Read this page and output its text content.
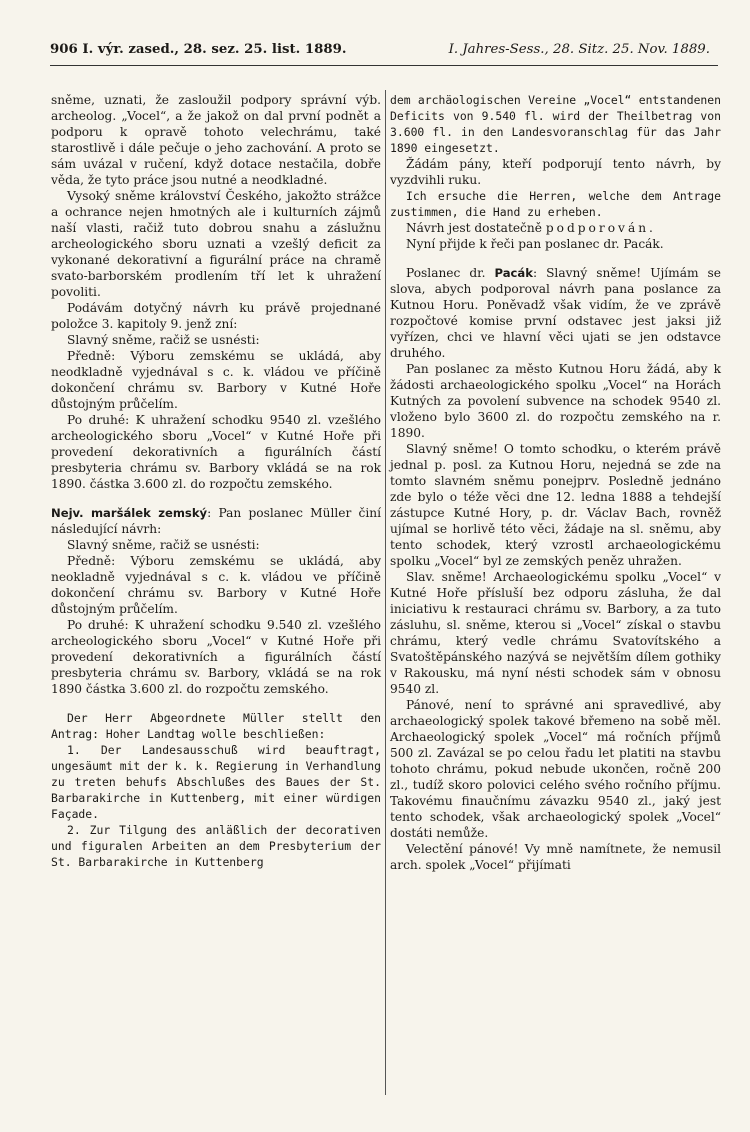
906 I. výr. zased., 28. sez. 25. list. 1889.	I. Jahres-Sess., 28. Sitz. 25. Nov. 1889.

sněme, uznati, že zasloužil podpory správní výb. archeolog. „Vocel“, a že jakož on dal první podnět a podporu k opravě tohoto velechrámu, také starostlivě i dále pečuje o jeho zachování. A proto se sám uvázal v ručení, když dotace nestačila, dobře věda, že tyto práce jsou nutné a neodkladné.

Vysoký sněme království Českého, jakožto strážce a ochrance nejen hmotných ale i kulturních zájmů naší vlasti, račiž tuto dobrou snahu a záslužnu archeologického sboru uznati a vzešlý deficit za vykonané dekorativní a figurální práce na chramě svato-barborském prodlením tří let k uhražení povoliti.

Podávám dotyčný návrh ku právě projednané položce 3. kapitoly 9. jenž zní:

Slavný sněme, račiž se usnésti:

Předně: Výboru zemskému se ukládá, aby neodkladně vyjednával s c. k. vládou ve příčině dokončení chrámu sv. Barbory v Kutné Hoře důstojným průčelím.

Po druhé: K uhražení schodku 9540 zl. vzešlého archeologického sboru „Vocel“ v Kutné Hoře při provedení dekorativních a figurálních částí presbyteria chrámu sv. Barbory vkládá se na rok 1890. částka 3.600 zl. do rozpočtu zemského.

Nejv. maršálek zemský: Pan poslanec Müller činí následující návrh:

Slavný sněme, račiž se usnésti:

Předně: Výboru zemskému se ukládá, aby neokladně vyjednával s c. k. vládou ve příčině dokončení chrámu sv. Barbory v Kutné Hoře důstojným průčelím.

Po druhé: K uhražení schodku 9.540 zl. vzešlého archeologického sboru „Vocel“ v Kutné Hoře při provedení dekorativních a figurálních částí presbyteria chrámu sv. Barbory, vkládá se na rok 1890 částka 3.600 zl. do rozpočtu zemského.

Der Herr Abgeordnete Müller stellt den Antrag: Hoher Landtag wolle beschließen:

1. Der Landesausschuß wird beauftragt, ungesäumt mit der k. k. Regierung in Verhandlung zu treten behufs Abschlußes des Baues der St. Barbarakirche in Kuttenberg, mit einer würdigen Façade.

2. Zur Tilgung des anläßlich der decorativen und figuralen Arbeiten an dem Presbyterium der St. Barbarakirche in Kuttenberg

dem archäologischen Vereine „Vocel“ entstandenen Deficits von 9.540 fl. wird der Theilbetrag von 3.600 fl. in den Landesvoranschlag für das Jahr 1890 eingesetzt.

Žádám pány, kteří podporují tento návrh, by vyzdvihli ruku.

Ich ersuche die Herren, welche dem Antrage zustimmen, die Hand zu erheben.

Návrh jest dostatečně podporován.

Nyní přijde k řeči pan poslanec dr. Pacák.

Poslanec dr. Pacák: Slavný sněme! Ujímám se slova, abych podporoval návrh pana poslance za Kutnou Horu. Poněvadž však vidím, že ve zprávě rozpočtové komise první odstavec jest jaksi již vyřízen, chci ve hlavní věci ujati se jen odstavce druhého.

Pan poslanec za město Kutnou Horu žádá, aby k žádosti archaeologického spolku „Vocel“ na Horách Kutných za povolení subvence na schodek 9540 zl. vloženo bylo 3600 zl. do rozpočtu zemského na r. 1890.

Slavný sněme! O tomto schodku, o kterém právě jednal p. posl. za Kutnou Horu, nejedná se zde na tomto slavném sněmu ponejprv. Posledně jednáno zde bylo o téže věci dne 12. ledna 1888 a tehdejší zástupce Kutné Hory, p. dr. Václav Bach, rovněž ujímal se horlivě této věci, žádaje na sl. sněmu, aby tento schodek, který vzrostl archaeologickému spolku „Vocel“ byl ze zemských peněz uhražen.

Slav. sněme! Archaeologickému spolku „Vocel“ v Kutné Hoře přísluší bez odporu zásluha, že dal iniciativu k restauraci chrámu sv. Barbory, a za tuto zásluhu, sl. sněme, kterou si „Vocel“ získal o stavbu chrámu, který vedle chrámu Svatovítského a Svatoštěpánského nazývá se největším dílem gothiky v Rakousku, má nyní nésti schodek sám v obnosu 9540 zl.

Pánové, není to správné ani spravedlivé, aby archaeologický spolek takové břemeno na sobě měl. Archaeologický spolek „Vocel“ má ročních příjmů 500 zl. Zavázal se po celou řadu let platiti na stavbu tohoto chrámu, pokud nebude ukončen, ročně 200 zl., tudíž skoro polovici celého svého ročního příjmu. Takovému finaučnímu závazku 9540 zl., jaký jest tento schodek, však archaeologický spolek „Vocel“ dostáti nemůže.

Velectění pánové! Vy mně namítnete, že nemusil arch. spolek „Vocel“ přijímati
